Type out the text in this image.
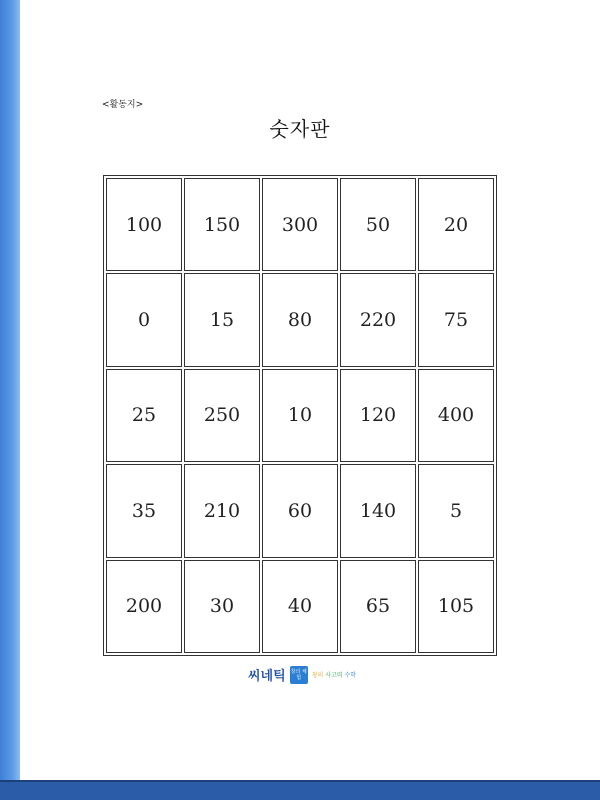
<활동지>
숫자판
100	150	300	50	20
0	15	80	220	75
25	250	10	120	400
35	210	60	140	5
200	30	40	65	105
씨네틱 창의 체험	창의 사고력 수학
